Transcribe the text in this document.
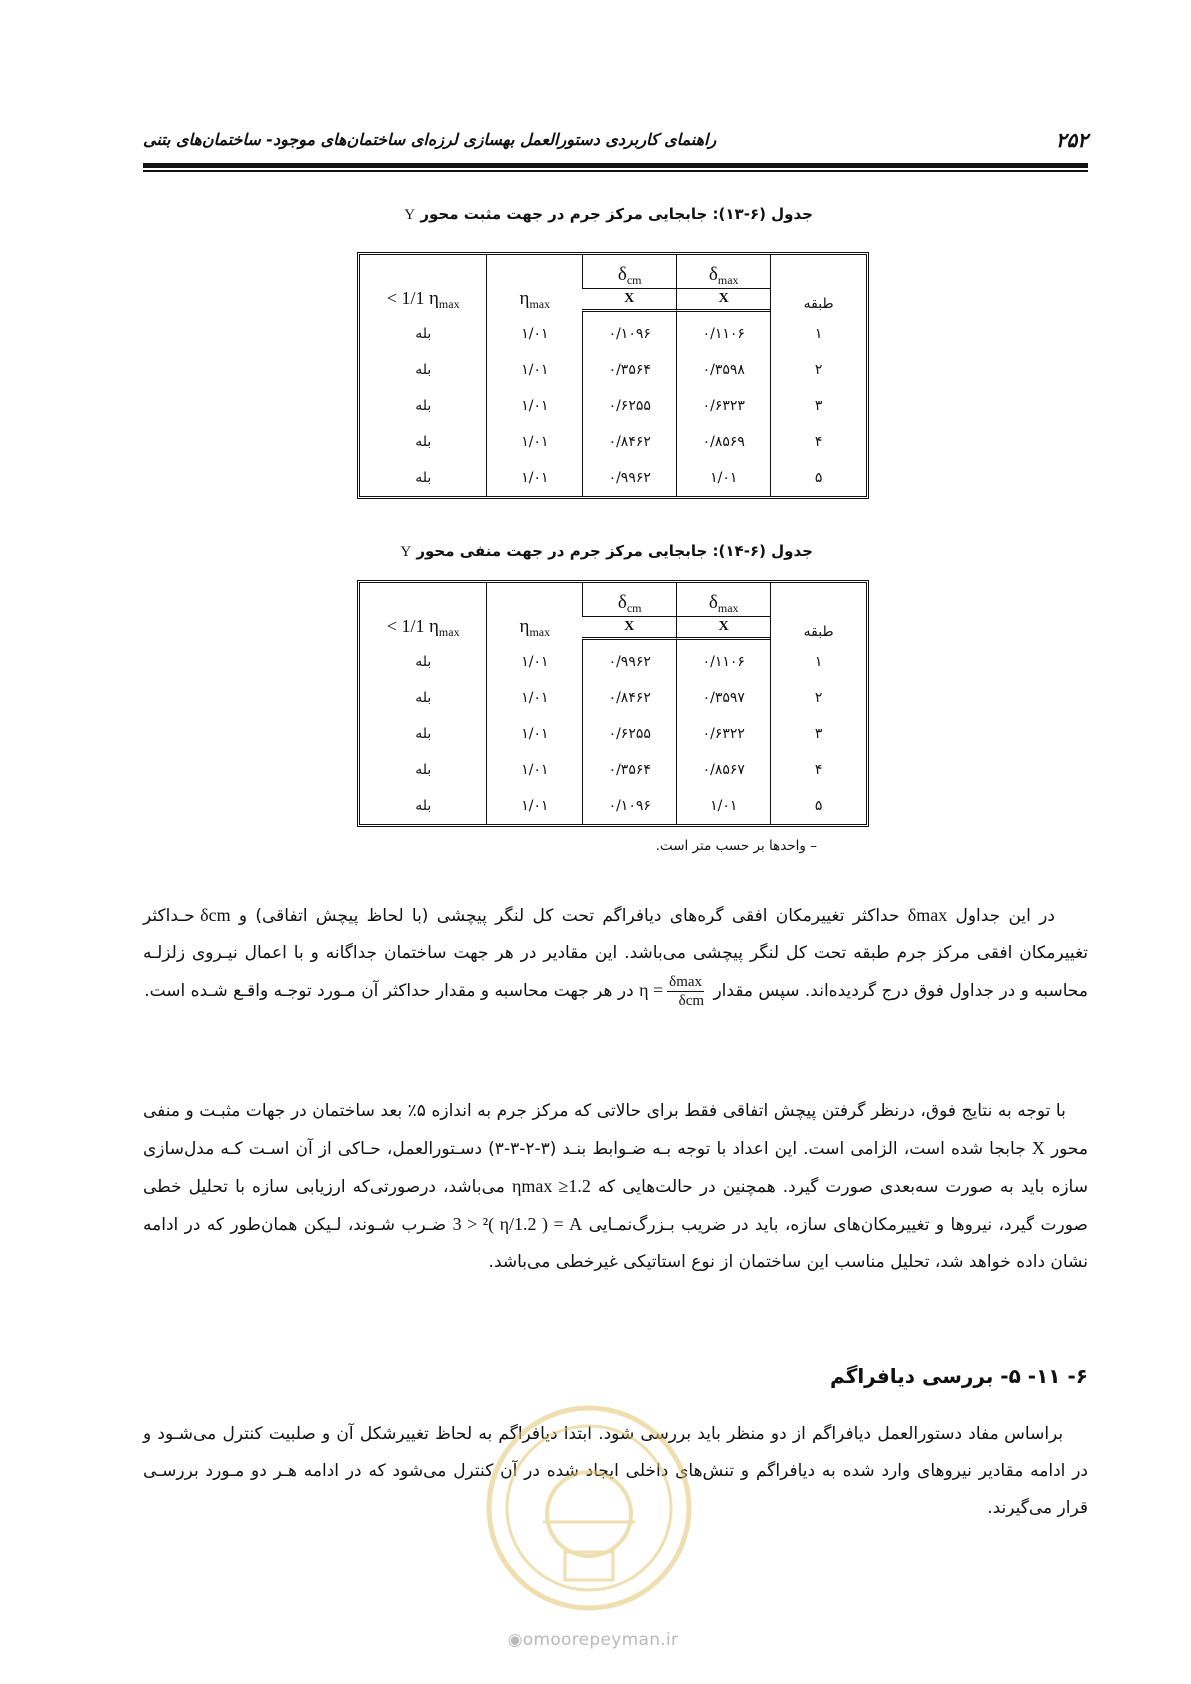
۲۵۲
راهنمای کاربردی دستورالعمل بهسازی لرزه‌ای ساختمان‌های موجود- ساختمان‌های بتنی
جدول (۶-۱۳): جابجایی مرکز جرم در جهت مثبت محور Y
طبقه	δmax	δcm	ηmax	ηmax < 1/1
	X	X		
۱	۰/۱۱۰۶	۰/۱۰۹۶	۱/۰۱	بله
۲	۰/۳۵۹۸	۰/۳۵۶۴	۱/۰۱	بله
۳	۰/۶۳۲۳	۰/۶۲۵۵	۱/۰۱	بله
۴	۰/۸۵۶۹	۰/۸۴۶۲	۱/۰۱	بله
۵	۱/۰۱	۰/۹۹۶۲	۱/۰۱	بله
جدول (۶-۱۴): جابجایی مرکز جرم در جهت منفی محور Y
طبقه	δmax	δcm	ηmax	ηmax < 1/1
	X	X		
۱	۰/۱۱۰۶	۰/۹۹۶۲	۱/۰۱	بله
۲	۰/۳۵۹۷	۰/۸۴۶۲	۱/۰۱	بله
۳	۰/۶۳۲۲	۰/۶۲۵۵	۱/۰۱	بله
۴	۰/۸۵۶۷	۰/۳۵۶۴	۱/۰۱	بله
۵	۱/۰۱	۰/۱۰۹۶	۱/۰۱	بله
– واحدها بر حسب متر است.
در این جداول δmax حداکثر تغییرمکان افقی گره‌های دیافراگم تحت کل لنگر پیچشی (با لحاظ پیچش اتفاقی) و δcm حـداکثر تغییرمکان افقی مرکز جرم طبقه تحت کل لنگر پیچشی می‌باشد. این مقادیر در هر جهت ساختمان جداگانه و با اعمال نیـروی زلزلـه محاسبه و در جداول فوق درج گردیده‌اند. سپس مقدار $\eta = \frac{\delta\max}{\text{δcm}}$
در هر جهت محاسبه و مقدار حداکثر آن مـورد توجـه واقـع شـده است.
با توجه به نتایج فوق، درنظر گرفتن پیچش اتفاقی فقط برای حالاتی که مرکز جرم به اندازه ۵٪ بعد ساختمان در جهات مثبـت و منفی محور X جابجا شده است، الزامی است. این اعداد با توجه بـه ضـوابط بنـد (۳-۲-۳-۳) دسـتورالعمل، حـاکی از آن اسـت کـه مدل‌سازی سازه باید به صورت سه‌بعدی صورت گیرد. همچنین در حالت‌هایی که ηmax ≥1.2 می‌باشد، درصورتی‌که ارزیابی سازه با تحلیل خطی صورت گیرد، نیروها و تغییرمکان‌های سازه، باید در ضریب بـزرگ‌نمـایی 3 > ²( η/1.2 ) = A ضـرب شـوند، لـیکن همان‌طور که در ادامه نشان داده خواهد شد، تحلیل مناسب این ساختمان از نوع استاتیکی غیرخطی می‌باشد.
۶- ۱۱- ۵- بررسی دیافراگم
براساس مفاد دستورالعمل دیافراگم از دو منظر باید بررسی شود. ابتدا دیافراگم به لحاظ تغییرشکل آن و صلبیت کنترل می‌شـود و در ادامه مقادیر نیروهای وارد شده به دیافراگم و تنش‌های داخلی ایجاد شده در آن کنترل می‌شود که در ادامه هـر دو مـورد بررسـی قرار می‌گیرند.
◉omoorepeyman.ir
